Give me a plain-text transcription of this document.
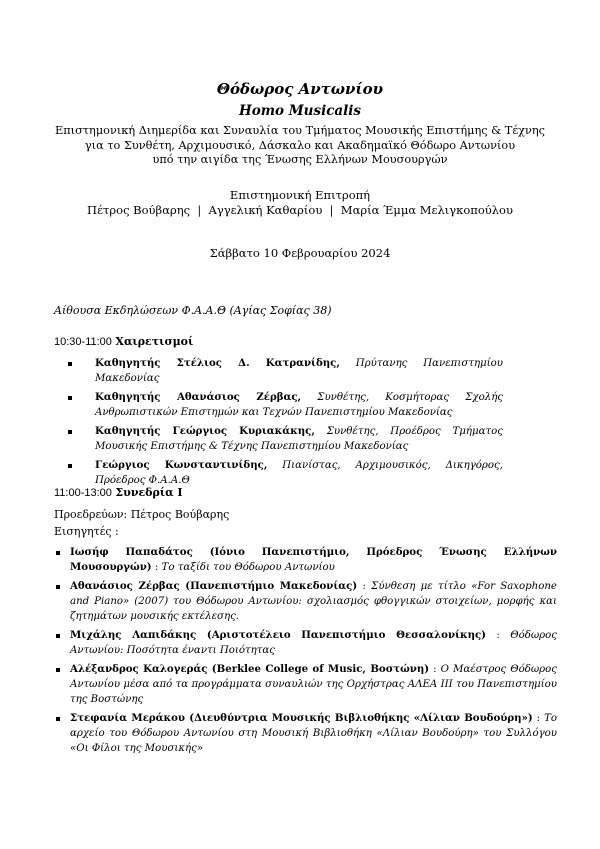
Θόδωρος Αντωνίου
Homo Musicalis
Επιστημονική Διημερίδα και Συναυλία του Τμήματος Μουσικής Επιστήμης & Τέχνης
για το Συνθέτη, Αρχιμουσικό, Δάσκαλο και Ακαδημαϊκό Θόδωρο Αντωνίου
υπό την αιγίδα της Ένωσης Ελλήνων Μουσουργών
Επιστημονική Επιτροπή
Πέτρος Βούβαρης  |  Αγγελική Καθαρίου  |  Μαρία Έμμα Μελιγκοπούλου
Σάββατο 10 Φεβρουαρίου 2024
Αίθουσα Εκδηλώσεων Φ.Α.Α.Θ (Αγίας Σοφίας 38)
10:30-11:00 Χαιρετισμοί
Καθηγητής Στέλιος Δ. Κατρανίδης, Πρύτανης Πανεπιστημίου Μακεδονίας
Καθηγητής Αθανάσιος Ζέρβας, Συνθέτης, Κοσμήτορας Σχολής Ανθρωπιστικών Επιστημών και Τεχνών Πανεπιστημίου Μακεδονίας
Καθηγητής Γεώργιος Κυριακάκης, Συνθέτης, Προέδρος Τμήματος Μουσικής Επιστήμης & Τέχνης Πανεπιστημίου Μακεδονίας
Γεώργιος Κωνσταντινίδης, Πιανίστας, Αρχιμουσικός, Δικηγόρος, Πρόεδρος Φ.Α.Α.Θ
11:00-13:00 Συνεδρία Ι
Προεδρεύων: Πέτρος Βούβαρης
Εισηγητές :
Ιωσήφ Παπαδάτος (Ιόνιο Πανεπιστήμιο, Πρόεδρος Ένωσης Ελλήνων Μουσουργών) : Το ταξίδι του Θόδωρου Αντωνίου
Αθανάσιος Ζέρβας (Πανεπιστήμιο Μακεδονίας) : Σύνθεση με τίτλο «For Saxophone and Piano» (2007) του Θόδωρου Αντωνίου: σχολιασμός φθογγικών στοιχείων, μορφής και ζητημάτων μουσικής εκτέλεσης.
Μιχάλης Λαπιδάκης (Αριστοτέλειο Πανεπιστήμιο Θεσσαλονίκης) : Θόδωρος Αντωνίου: Ποσότητα έναντι Ποιότητας
Αλέξανδρος Καλογεράς (Berklee College of Music, Βοστώνη) : Ο Μαέστρος Θόδωρος Αντωνίου μέσα από τα προγράμματα συναυλιών της Ορχήστρας ΑΛΕΑ ΙΙΙ του Πανεπιστημίου της Βοστώνης
Στεφανία Μεράκου (Διευθύντρια Μουσικής Βιβλιοθήκης «Λίλιαν Βουδούρη») : Το αρχείο του Θόδωρου Αντωνίου στη Μουσική Βιβλιοθήκη «Λίλιαν Βουδούρη» του Συλλόγου «Οι Φίλοι της Μουσικής»
